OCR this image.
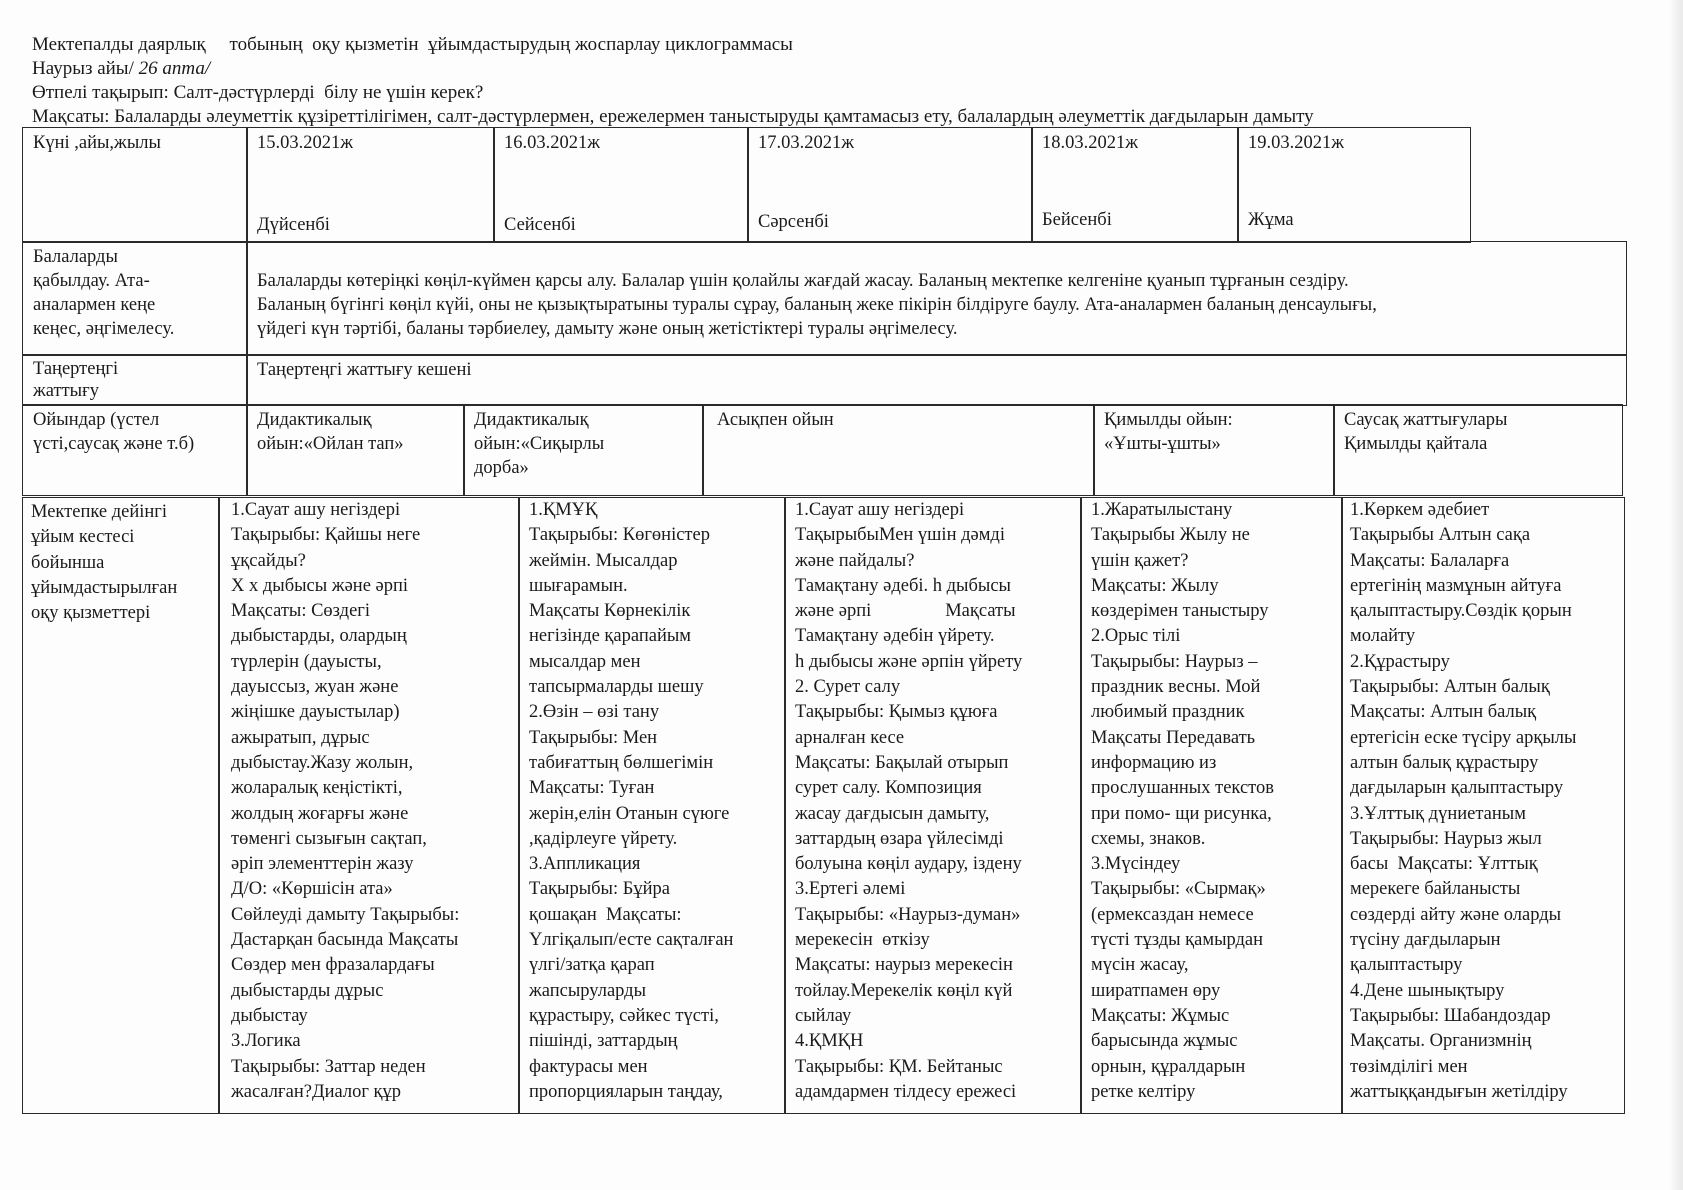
Мектепалды даярлық     тобының  оқу қызметін  ұйымдастырудың жоспарлау циклограммасы
Наурыз айы/ 26 апта/
Өтпелі тақырып: Салт-дәстүрлерді  білу не үшін керек?
Мақсаты: Балаларды әлеуметтік құзіреттілігімен, салт-дәстүрлермен, ережелермен таныстыруды қамтамасыз ету, балалардың әлеуметтік дағдыларын дамыту
Күні ,айы,жылы	15.03.2021ж
Дүйсенбі
16.03.2021ж
Сейсенбі
17.03.2021ж
Сәрсенбі
18.03.2021ж
Бейсенбі
19.03.2021ж
Жұма
Балаларды
қабылдау. Ата-
аналармен кеңе
кеңес, әңгімелесу.
Балаларды көтеріңкі көңіл-күймен қарсы алу. Балалар үшін қолайлы жағдай жасау. Баланың мектепке келгеніне қуанып тұрғанын сездіру.
Баланың бүгінгі көңіл күйі, оны не қызықтыратыны туралы сұрау, баланың жеке пікірін білдіруге баулу. Ата-аналармен баланың денсаулығы,
үйдегі күн тәртібі, баланы тәрбиелеу, дамыту және оның жетістіктері туралы әңгімелесу.
Таңертеңгі
жаттығу
Таңертеңгі жаттығу кешені
Ойындар (үстел
үсті,саусақ және т.б)
Дидактикалық
ойын:«Ойлан тап»
Дидактикалық
ойын:«Сиқырлы
дорба»
Асықпен ойын	Қимылды ойын:
«Ұшты-ұшты»
Саусақ жаттығулары
Қимылды қайтала
Мектепке дейінгі
ұйым кестесі
бойынша
ұйымдастырылған
оқу қызметтері
1.Сауат ашу негіздері
Тақырыбы: Қайшы неге
ұқсайды?
Х х дыбысы және әрпі
Мақсаты: Сөздегі
дыбыстарды, олардың
түрлерін (дауысты,
дауыссыз, жуан және
жіңішке дауыстылар)
ажыратып, дұрыс
дыбыстау.Жазу жолын,
жоларалық кеңістікті,
жолдың жоғарғы және
төменгі сызығын сақтап,
әріп элементтерін жазу
Д/О: «Көршісін ата»
Сөйлеуді дамыту Тақырыбы:
Дастарқан басында Мақсаты
Сөздер мен фразалардағы
дыбыстарды дұрыс
дыбыстау
3.Логика
Тақырыбы: Заттар неден
жасалған?Диалог құр
1.ҚМҰҚ
Тақырыбы: Көгөністер
жеймін. Мысалдар
шығарамын.
Мақсаты Көрнекілік
негізінде қарапайым
мысалдар мен
тапсырмаларды шешу
2.Өзін – өзі тану
Тақырыбы: Мен
табиғаттың бөлшегімін
Мақсаты: Туған
жерін,елін Отанын сүюге
,қадірлеуге үйрету.
3.Аппликация
Тақырыбы: Бұйра
қошақан  Мақсаты:
Үлгіқалып/есте сақталған
үлгі/затқа қарап
жапсыруларды
құрастыру, сәйкес түсті,
пішінді, заттардың
фактурасы мен
пропорцияларын таңдау,
1.Сауат ашу негіздері
ТақырыбыМен үшін дәмді
және пайдалы?
Тамақтану әдебі. һ дыбысы
және әрпі                Мақсаты
Тамақтану әдебін үйрету.
һ дыбысы және әрпін үйрету
2. Сурет салу
Тақырыбы: Қымыз құюға
арналған кесе
Мақсаты: Бақылай отырып
сурет салу. Композиция
жасау дағдысын дамыту,
заттардың өзара үйлесімді
болуына көңіл аудару, іздену
3.Ертегі әлемі
Тақырыбы: «Наурыз-думан»
мерекесін  өткізу
Мақсаты: наурыз мерекесін
тойлау.Мерекелік көңіл күй
сыйлау
4.ҚМҚН
Тақырыбы: ҚМ. Бейтаныс
адамдармен тілдесу ережесі
1.Жаратылыстану
Тақырыбы Жылу не
үшін қажет?
Мақсаты: Жылу
көздерімен таныстыру
2.Орыс тілі
Тақырыбы: Наурыз –
праздник весны. Мой
любимый праздник
Мақсаты Передавать
информацию из
прослушанных текстов
при помо- щи рисунка,
схемы, знаков.
3.Мүсіндеу
Тақырыбы: «Сырмақ»
(ермексаздан немесе
түсті тұзды қамырдан
мүсін жасау,
ширатпамен өру
Мақсаты: Жұмыс
барысында жұмыс
орнын, құралдарын
ретке келтіру
1.Көркем әдебиет
Тақырыбы Алтын сақа
Мақсаты: Балаларға
ертегінің мазмұнын айтуға
қалыптастыру.Сөздік қорын
молайту
2.Құрастыру
Тақырыбы: Алтын балық
Мақсаты: Алтын балық
ертегісін еске түсіру арқылы
алтын балық құрастыру
дағдыларын қалыптастыру
3.Ұлттық дүниетаным
Тақырыбы: Наурыз жыл
басы  Мақсаты: Ұлттық
мерекеге байланысты
сөздерді айту және оларды
түсіну дағдыларын
қалыптастыру
4.Дене шынықтыру
Тақырыбы: Шабандоздар
Мақсаты. Организмнің
төзімділігі мен
жаттыққандығын жетілдіру
